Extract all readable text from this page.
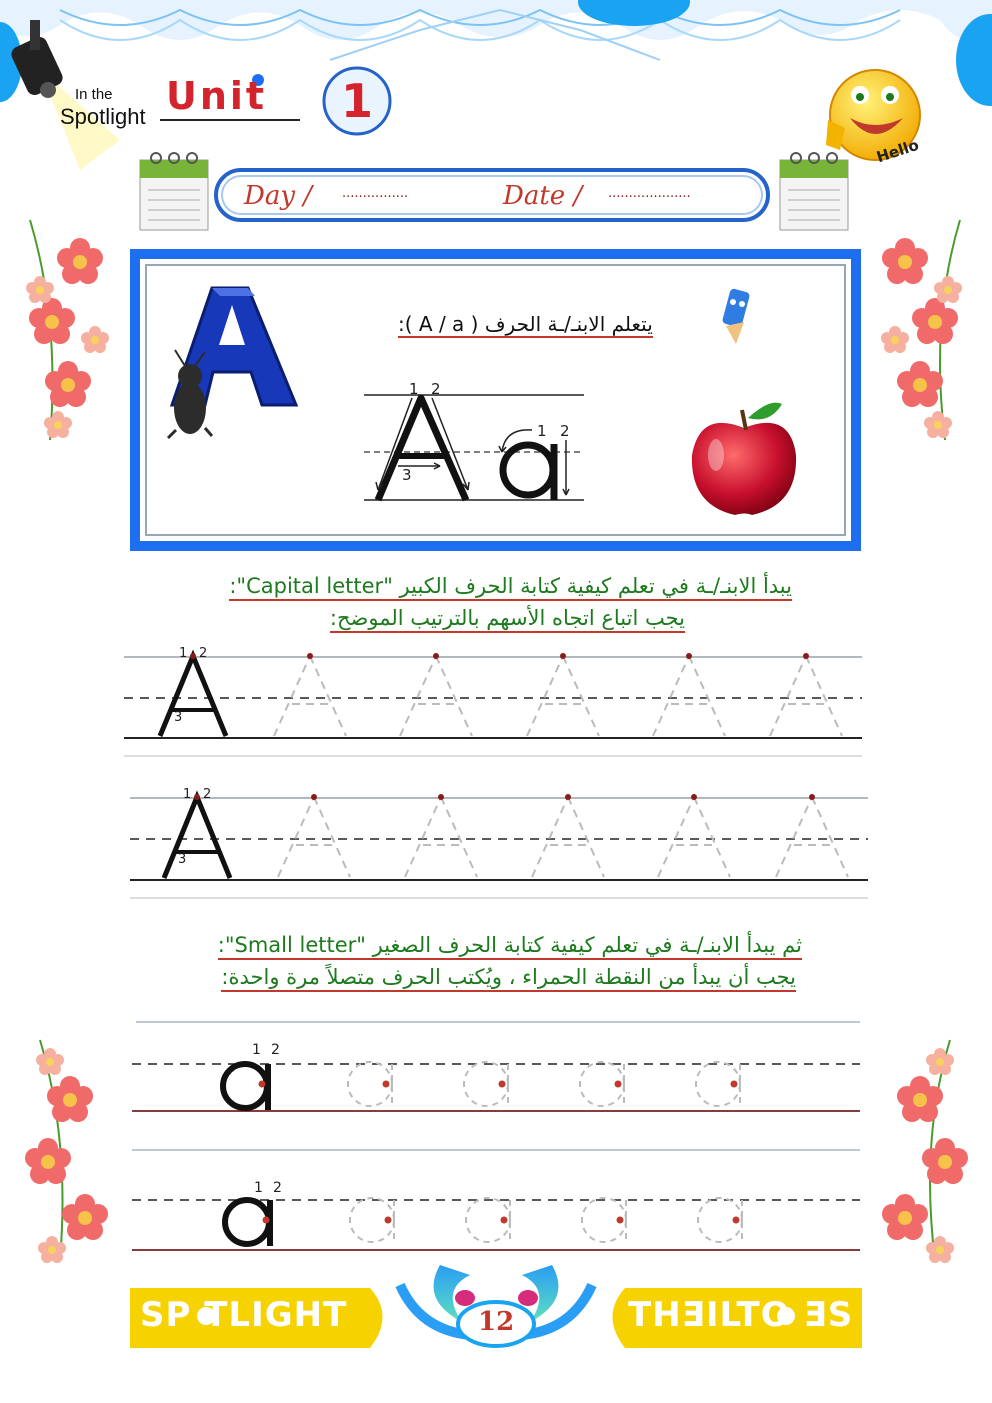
In the
Spotlight Unit 1
Hello
Day / ................	Date / ....................
يتعلم الابنـ/ـة الحرف ( A / a ):
1 2
3
1 2
يبدأ الابنـ/ـة في تعلم كيفية كتابة الحرف الكبير "Capital letter":
يجب اتباع اتجاه الأسهم بالترتيب الموضح:
1 2
3
1 2
3
ثم يبدأ الابنـ/ـة في تعلم كيفية كتابة الحرف الصغير "Small letter":
يجب أن يبدأ من النقطة الحمراء ، ويُكتب الحرف متصلاً مرة واحدة:
1 2
1 2
SP TLIGHT	THƎILTO ƎS
12
